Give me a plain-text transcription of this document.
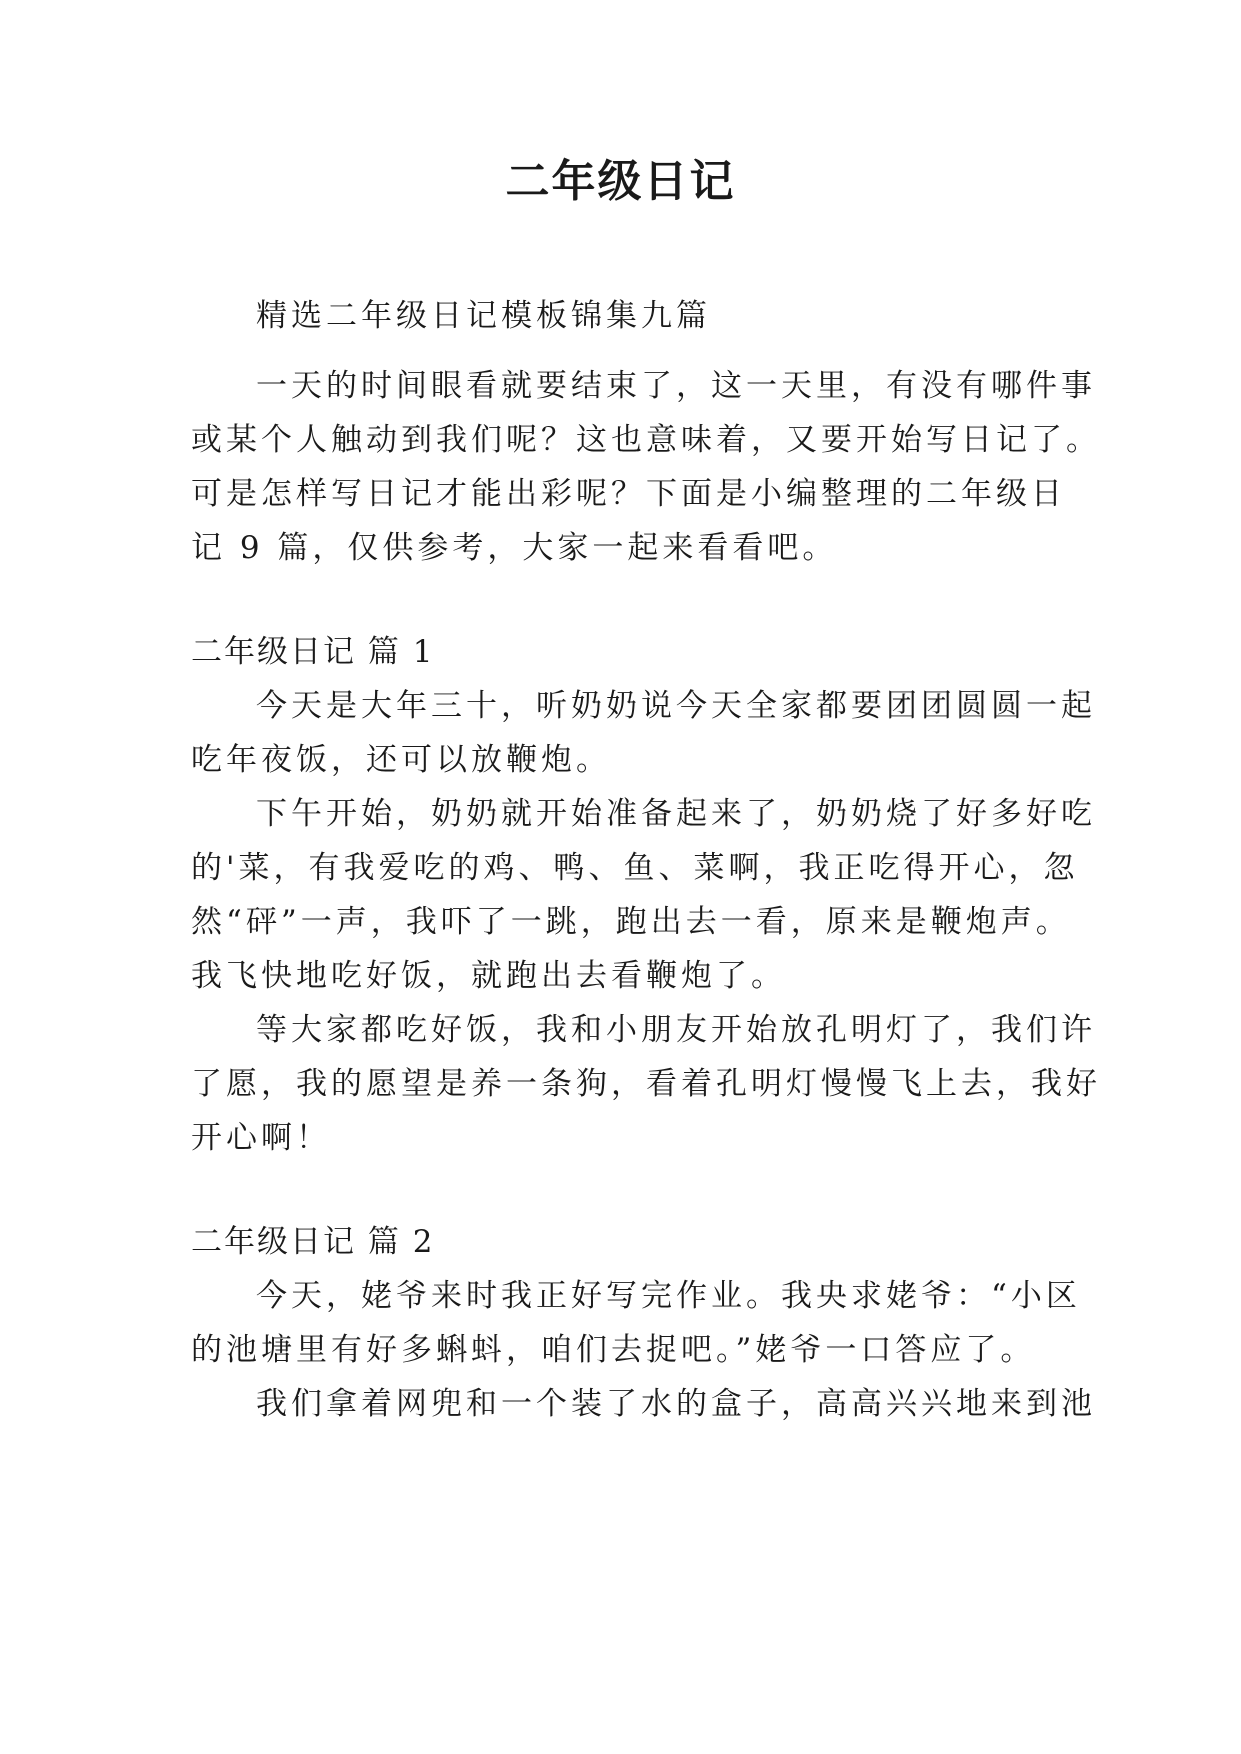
二年级日记

精选二年级日记模板锦集九篇

一天的时间眼看就要结束了，这一天里，有没有哪件事

或某个人触动到我们呢？这也意味着，又要开始写日记了。

可是怎样写日记才能出彩呢？下面是小编整理的二年级日

记 9 篇，仅供参考，大家一起来看看吧。

二年级日记 篇 1

今天是大年三十，听奶奶说今天全家都要团团圆圆一起

吃年夜饭，还可以放鞭炮。

下午开始，奶奶就开始准备起来了，奶奶烧了好多好吃

的'菜，有我爱吃的鸡、鸭、鱼、菜啊，我正吃得开心，忽

然“砰”一声，我吓了一跳，跑出去一看，原来是鞭炮声。

我飞快地吃好饭，就跑出去看鞭炮了。

等大家都吃好饭，我和小朋友开始放孔明灯了，我们许

了愿，我的愿望是养一条狗，看着孔明灯慢慢飞上去，我好

开心啊！

二年级日记 篇 2

今天，姥爷来时我正好写完作业。我央求姥爷：“小区

的池塘里有好多蝌蚪，咱们去捉吧。”姥爷一口答应了。

我们拿着网兜和一个装了水的盒子，高高兴兴地来到池
